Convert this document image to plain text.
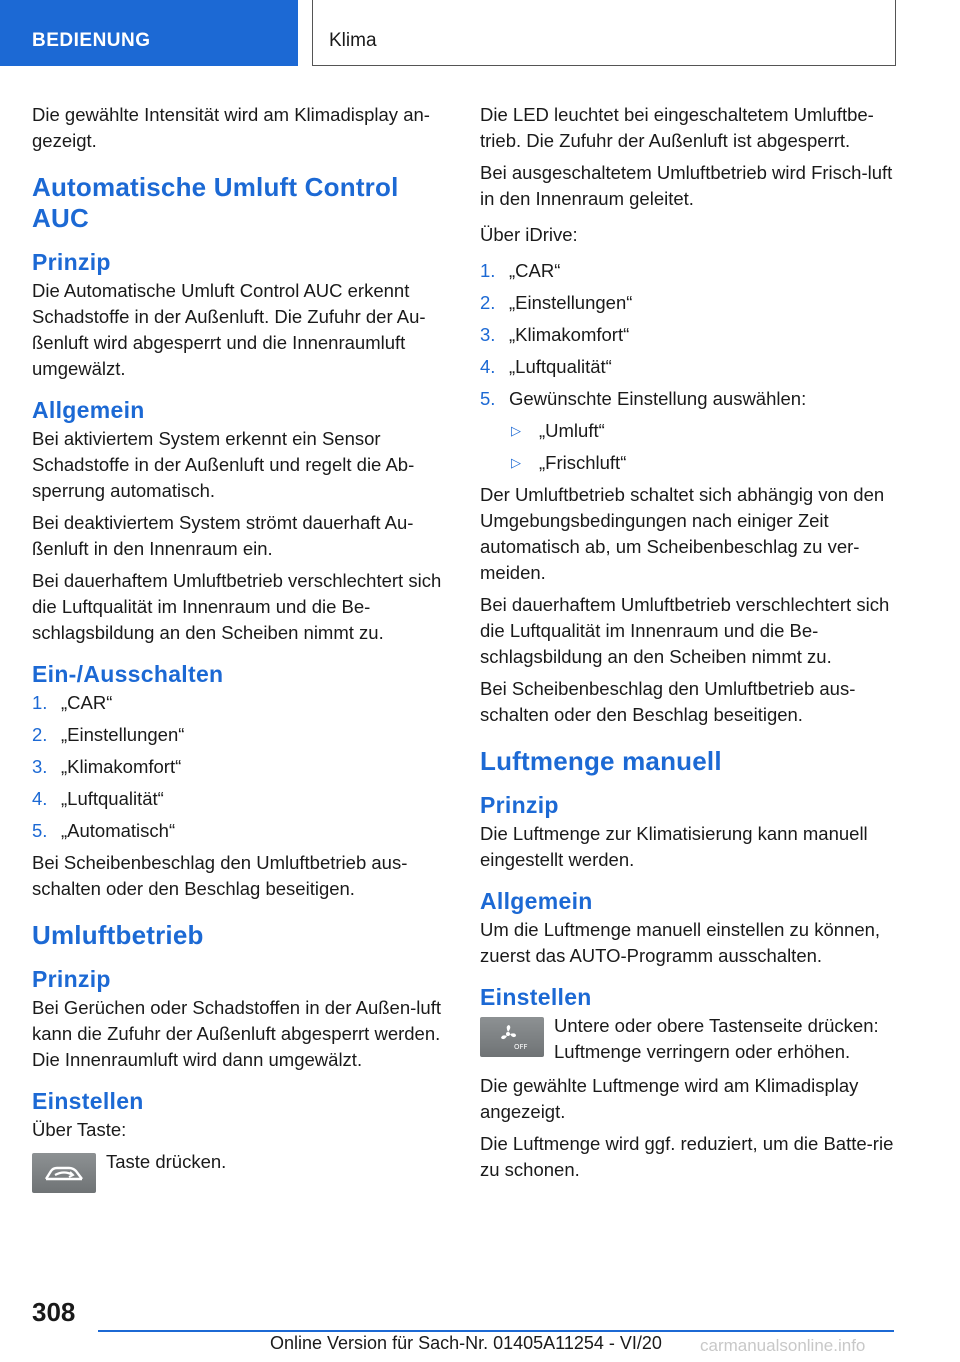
BEDIENUNG	Klima

Die gewählte Intensität wird am Klimadisplay an-gezeigt.

Automatische Umluft Control AUC
Prinzip

Die Automatische Umluft Control AUC erkennt Schadstoffe in der Außenluft. Die Zufuhr der Au-ßenluft wird abgesperrt und die Innenraumluft umgewälzt.

Allgemein

Bei aktiviertem System erkennt ein Sensor Schadstoffe in der Außenluft und regelt die Ab-sperrung automatisch.

Bei deaktiviertem System strömt dauerhaft Au-ßenluft in den Innenraum ein.

Bei dauerhaftem Umluftbetrieb verschlechtert sich die Luftqualität im Innenraum und die Be-schlagsbildung an den Scheiben nimmt zu.

Ein-/Ausschalten
1. „CAR“
2. „Einstellungen“
3. „Klimakomfort“
4. „Luftqualität“
5. „Automatisch“

Bei Scheibenbeschlag den Umluftbetrieb aus-schalten oder den Beschlag beseitigen.

Umluftbetrieb
Prinzip

Bei Gerüchen oder Schadstoffen in der Außen-luft kann die Zufuhr der Außenluft abgesperrt werden. Die Innenraumluft wird dann umgewälzt.

Einstellen

Über Taste:

Taste drücken.

Die LED leuchtet bei eingeschaltetem Umluftbe-trieb. Die Zufuhr der Außenluft ist abgesperrt.

Bei ausgeschaltetem Umluftbetrieb wird Frisch-luft in den Innenraum geleitet.

Über iDrive:

1. „CAR“
2. „Einstellungen“
3. „Klimakomfort“
4. „Luftqualität“
5. Gewünschte Einstellung auswählen:
▷ „Umluft“
▷ „Frischluft“

Der Umluftbetrieb schaltet sich abhängig von den Umgebungsbedingungen nach einiger Zeit automatisch ab, um Scheibenbeschlag zu ver-meiden.

Bei dauerhaftem Umluftbetrieb verschlechtert sich die Luftqualität im Innenraum und die Be-schlagsbildung an den Scheiben nimmt zu.

Bei Scheibenbeschlag den Umluftbetrieb aus-schalten oder den Beschlag beseitigen.

Luftmenge manuell
Prinzip

Die Luftmenge zur Klimatisierung kann manuell eingestellt werden.

Allgemein

Um die Luftmenge manuell einstellen zu können, zuerst das AUTO-Programm ausschalten.

Einstellen
OFF
Untere oder obere Tastenseite drücken: Luftmenge verringern oder erhöhen.

Die gewählte Luftmenge wird am Klimadisplay angezeigt.

Die Luftmenge wird ggf. reduziert, um die Batte-rie zu schonen.

308
Online Version für Sach-Nr. 01405A11254 - VI/20 carmanualsonline.info
